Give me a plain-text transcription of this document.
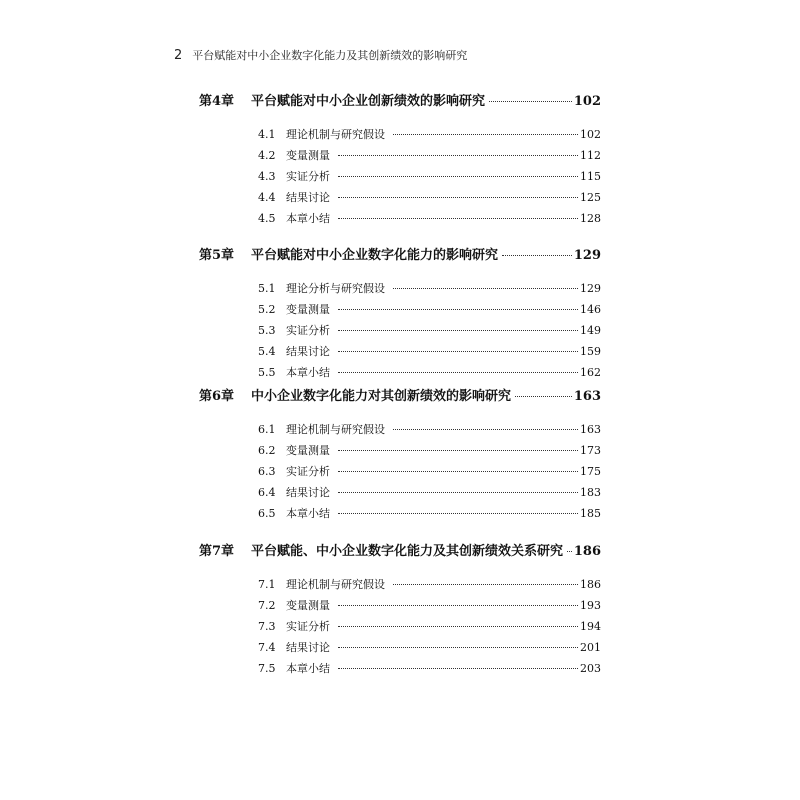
2 平台赋能对中小企业数字化能力及其创新绩效的影响研究
第4章	平台赋能对中小企业创新绩效的影响研究	102
4.1 理论机制与研究假设	102
4.2 变量测量	112
4.3 实证分析	115
4.4 结果讨论	125
4.5 本章小结	128
第5章	平台赋能对中小企业数字化能力的影响研究	129
5.1 理论分析与研究假设	129
5.2 变量测量	146
5.3 实证分析	149
5.4 结果讨论	159
5.5 本章小结	162
第6章	中小企业数字化能力对其创新绩效的影响研究	163
6.1 理论机制与研究假设	163
6.2 变量测量	173
6.3 实证分析	175
6.4 结果讨论	183
6.5 本章小结	185
第7章	平台赋能、中小企业数字化能力及其创新绩效关系研究 186
7.1 理论机制与研究假设	186
7.2 变量测量	193
7.3 实证分析	194
7.4 结果讨论	201
7.5 本章小结	203
